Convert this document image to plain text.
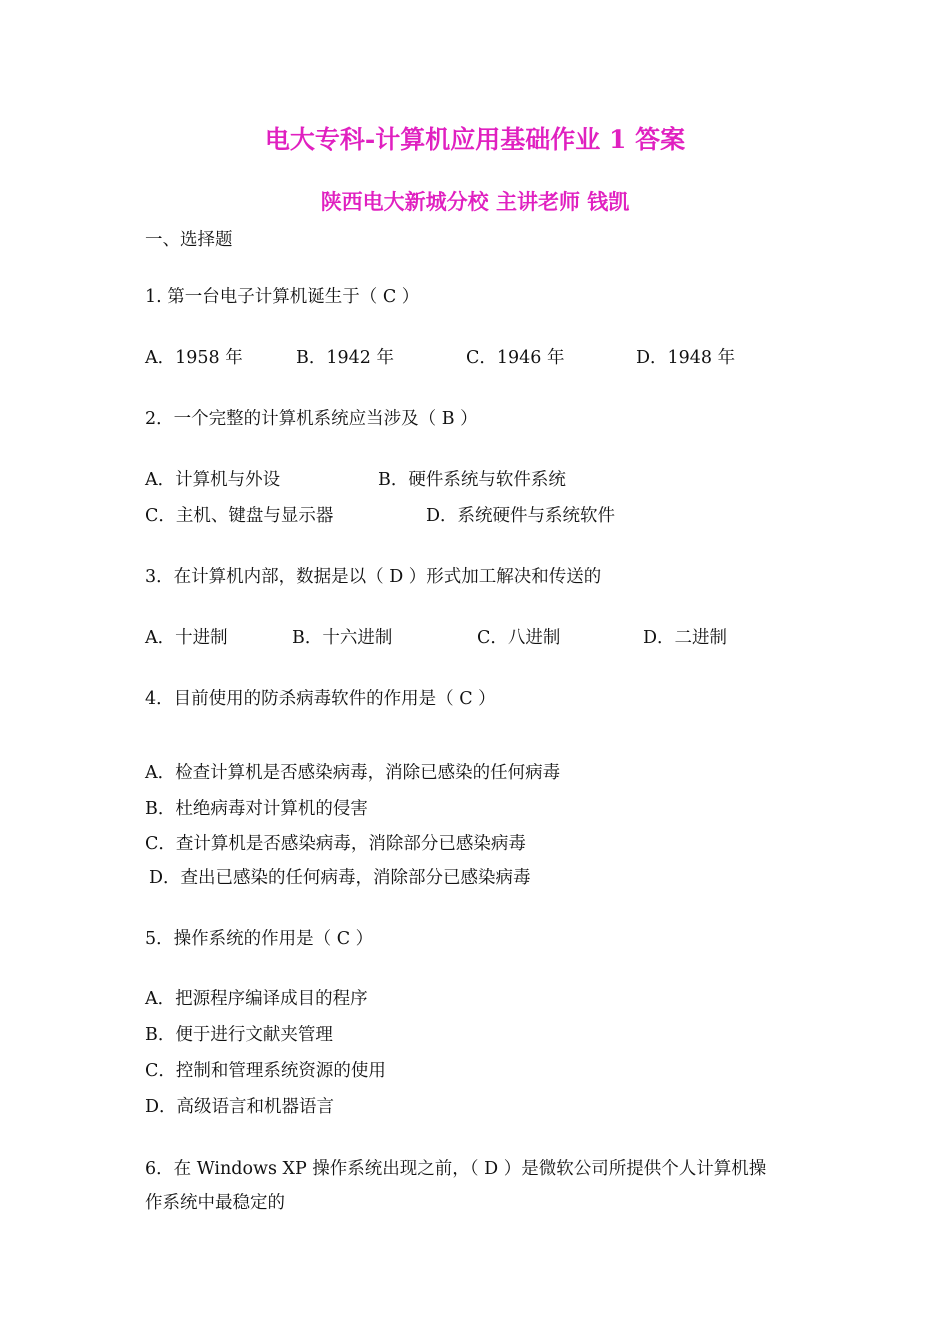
电大专科-计算机应用基础作业 1 答案
陕西电大新城分校 主讲老师 钱凯
一、选择题
1. 第一台电子计算机诞生于（ C ）
A．1958 年	B．1942 年	C．1946 年	D．1948 年
2．一个完整的计算机系统应当涉及（ B ）
A．计算机与外设	B．硬件系统与软件系统
C．主机、键盘与显示器	D．系统硬件与系统软件
3．在计算机内部，数据是以（ D ）形式加工解决和传送的
A．十进制	B．十六进制	C．八进制	D．二进制
4．目前使用的防杀病毒软件的作用是（ C ）
A．检查计算机是否感染病毒，消除已感染的任何病毒
B．杜绝病毒对计算机的侵害
C．查计算机是否感染病毒，消除部分已感染病毒
D．查出已感染的任何病毒，消除部分已感染病毒
5．操作系统的作用是（ C ）
A．把源程序编译成目的程序
B．便于进行文献夹管理
C．控制和管理系统资源的使用
D．高级语言和机器语言
6．在 Windows XP 操作系统出现之前，（ D ）是微软公司所提供个人计算机操
作系统中最稳定的
